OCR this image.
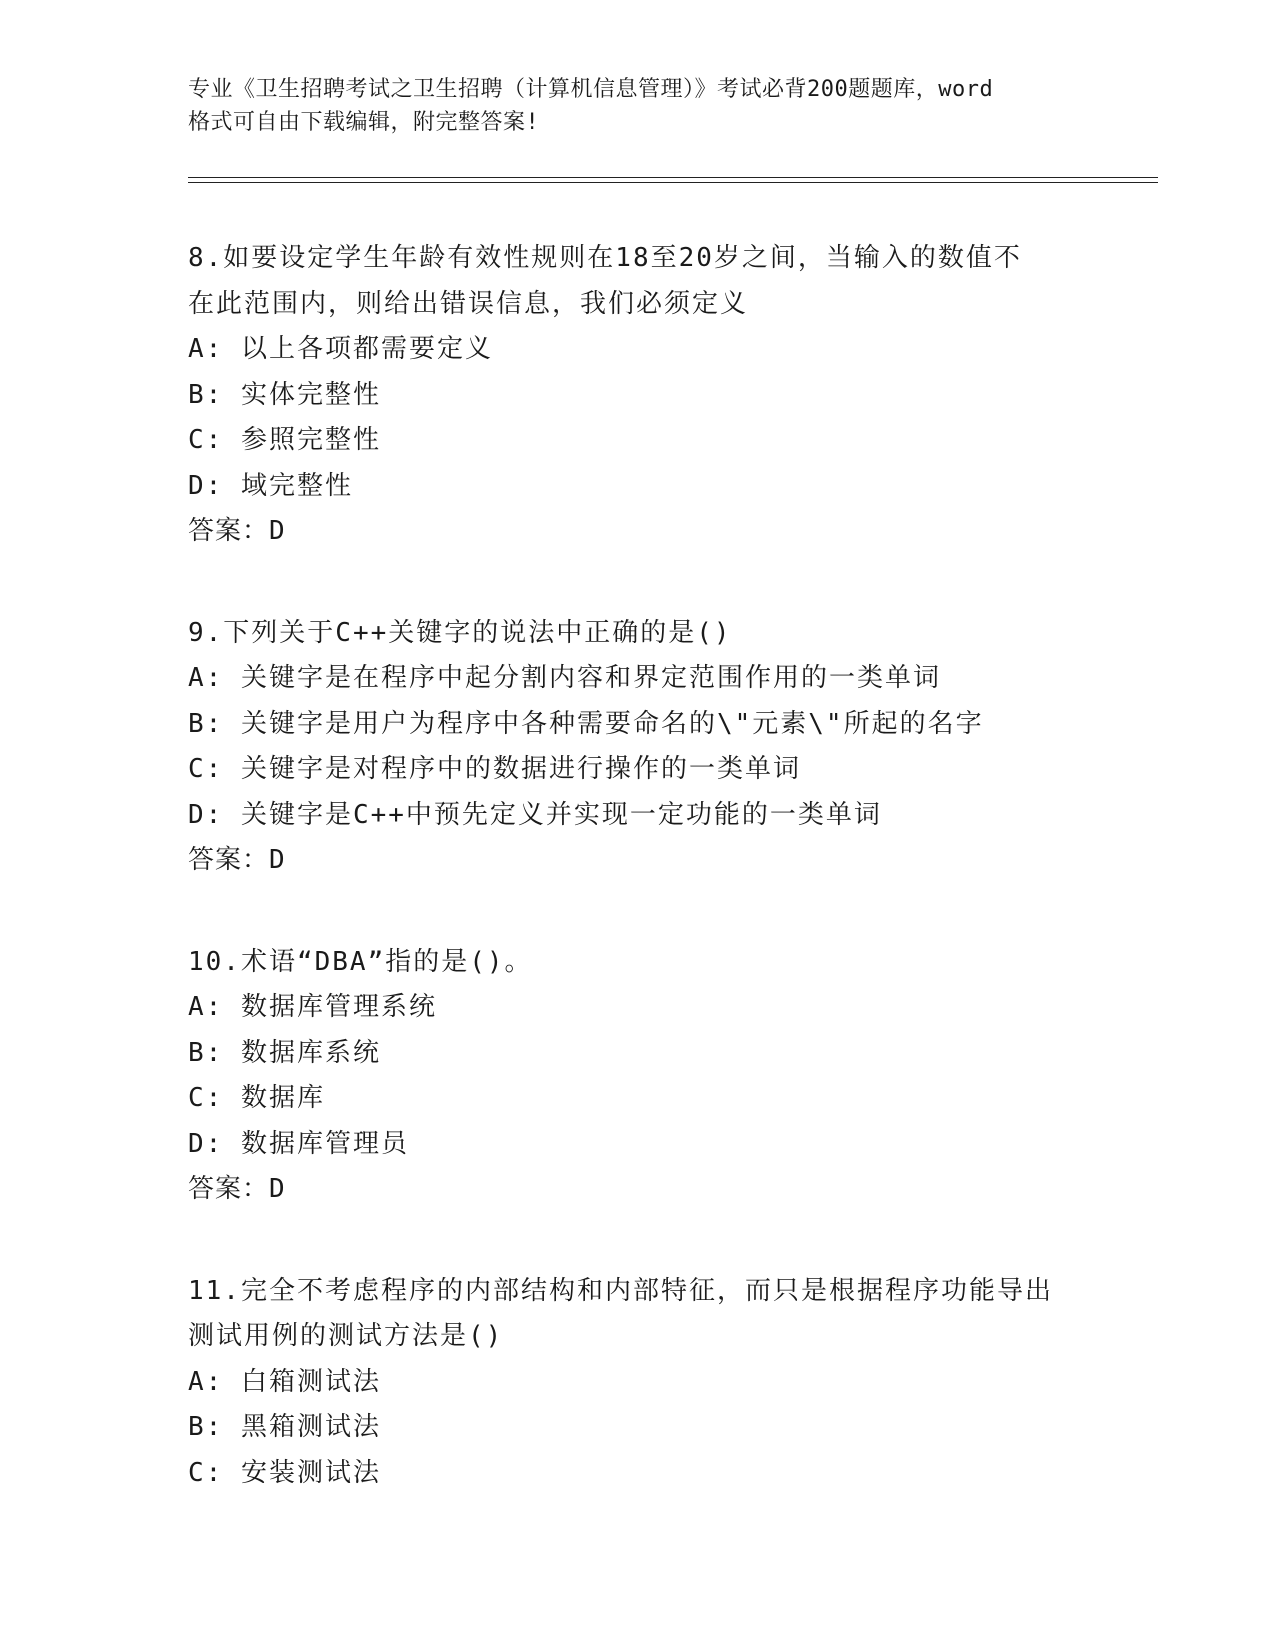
专业《卫生招聘考试之卫生招聘（计算机信息管理）》考试必背200题题库，word
格式可自由下载编辑，附完整答案!
8.如要设定学生年龄有效性规则在18至20岁之间，当输入的数值不
在此范围内，则给出错误信息，我们必须定义
A: 以上各项都需要定义
B: 实体完整性
C: 参照完整性
D: 域完整性
答案：D
9.下列关于C++关键字的说法中正确的是()
A: 关键字是在程序中起分割内容和界定范围作用的一类单词
B: 关键字是用户为程序中各种需要命名的\"元素\"所起的名字
C: 关键字是对程序中的数据进行操作的一类单词
D: 关键字是C++中预先定义并实现一定功能的一类单词
答案：D
10.术语“DBA”指的是()。
A: 数据库管理系统
B: 数据库系统
C: 数据库
D: 数据库管理员
答案：D
11.完全不考虑程序的内部结构和内部特征，而只是根据程序功能导出
测试用例的测试方法是()
A: 白箱测试法
B: 黑箱测试法
C: 安装测试法
